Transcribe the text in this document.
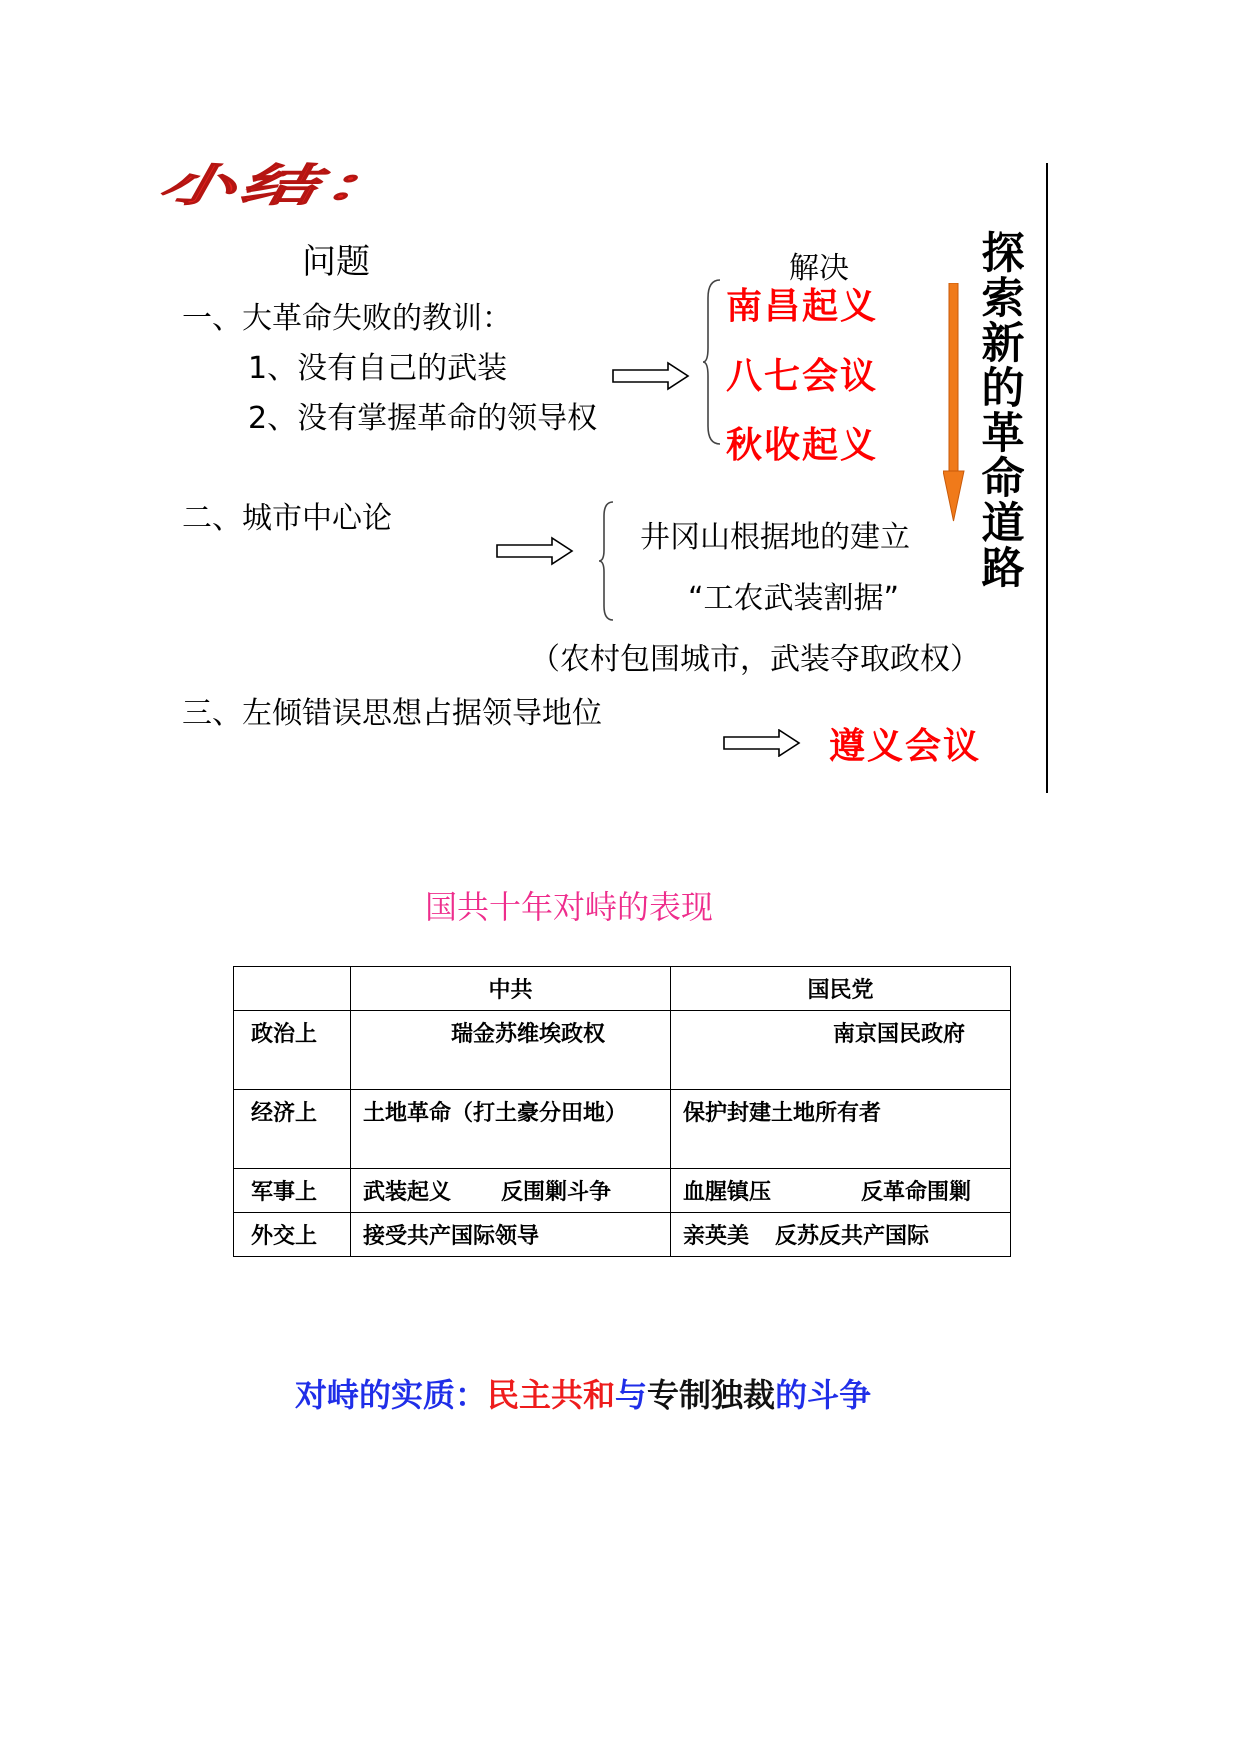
小结：
问题	解决
一、大革命失败的教训：
1、没有自己的武装
2、没有掌握革命的领导权
南昌起义
八七会议
秋收起义
探索新的革命道路
二、城市中心论
井冈山根据地的建立
“工农武装割据”
（农村包围城市，武装夺取政权）
三、左倾错误思想占据领导地位
遵义会议
国共十年对峙的表现
	中共	国民党
政治上	瑞金苏维埃政权	南京国民政府
经济上	土地革命（打土豪分田地）	保护封建土地所有者
军事上	武装起义 反围剿斗争	血腥镇压 反革命围剿
外交上	接受共产国际领导	亲英美 反苏反共产国际
对峙的实质：民主共和与专制独裁的斗争
